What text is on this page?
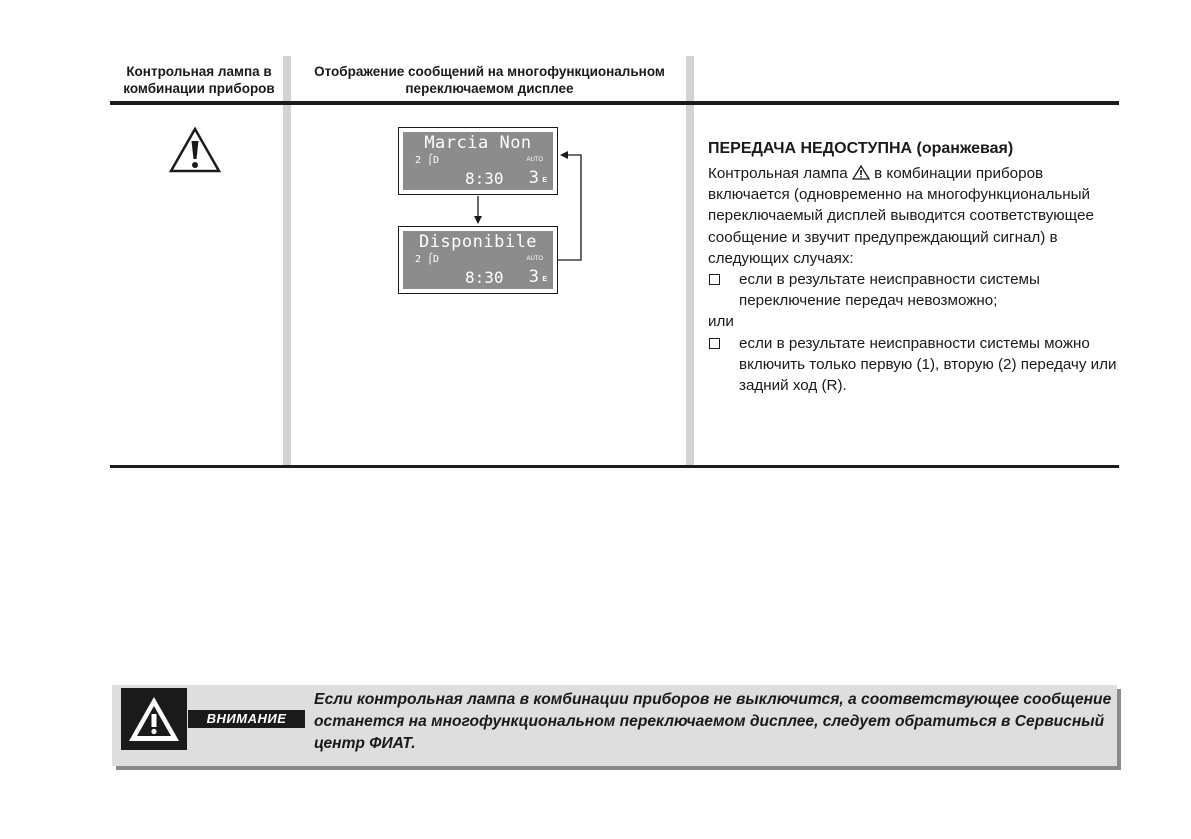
Контрольная лампа в комбинации приборов
Отображение сообщений на многофункциональном переключаемом дисплее
Marcia Non
2 ⌠D	AUTO
8:30 3 E
Disponibile
2 ⌠D	AUTO
8:30 3 E
ПЕРЕДАЧА НЕДОСТУПНА (оранжевая)

Контрольная лампа  в комбинации приборов включается (одновременно на многофункциональный переключаемый дисплей выводится соответствующее сообщение и звучит предупреждающий сигнал) в следующих случаях:

если в результате неисправности системы переключение передач невозможно;

или

если в результате неисправности системы можно включить только первую (1), вторую (2) передачу или задний ход (R).
ВНИМАНИЕ
Если контрольная лампа в комбинации приборов не выключится, а соответствующее сообщение останется на многофункциональном переключаемом дисплее, следует обратиться в Сервисный центр ФИАТ.
